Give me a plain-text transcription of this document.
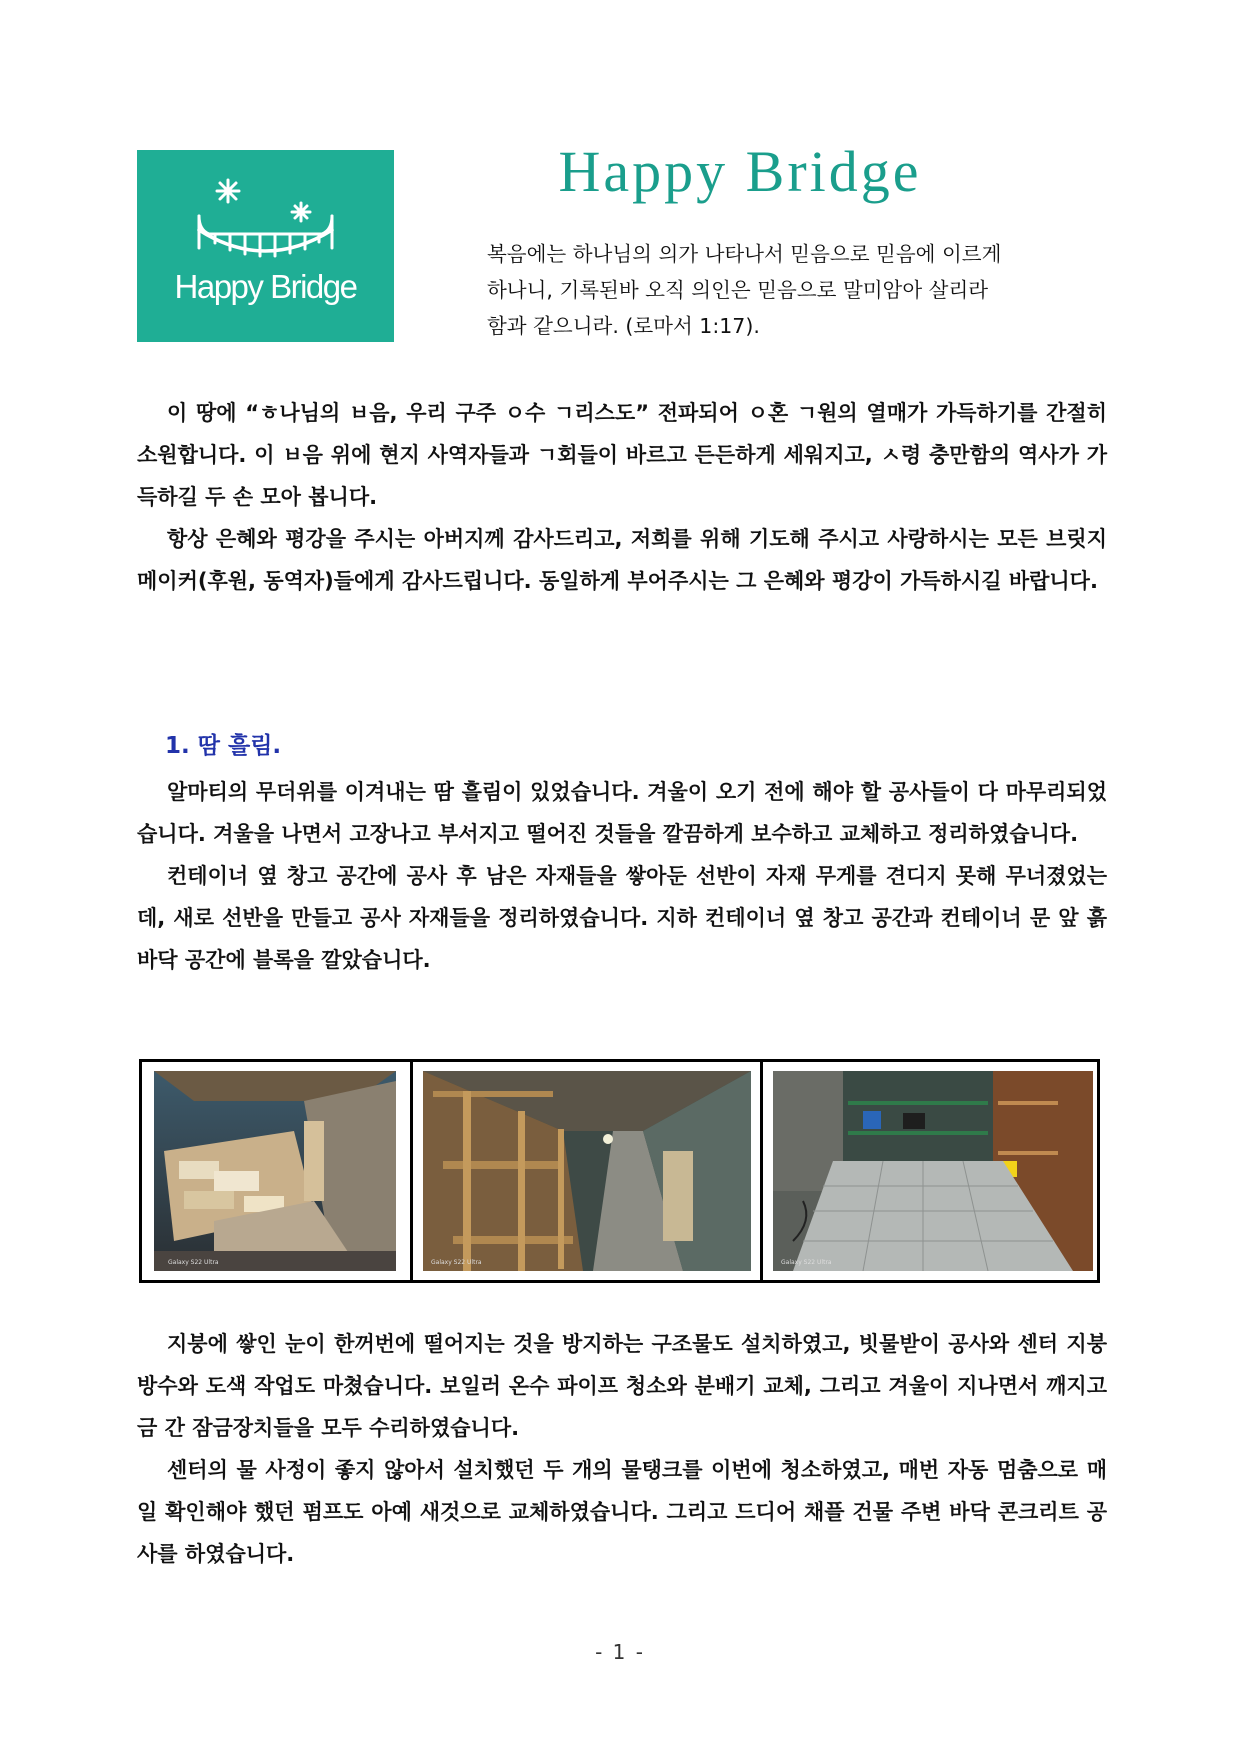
Happy Bridge
Happy Bridge

복음에는 하나님의 의가 나타나서 믿음으로 믿음에 이르게

하나니, 기록된바 오직 의인은 믿음으로 말미암아 살리라

함과 같으니라. (로마서 1:17).

이 땅에 “ㅎ나님의 ㅂ음, 우리 구주 ㅇ수 ㄱ리스도” 전파되어 ㅇ혼 ㄱ원의 열매가 가득하기를 간절히 소원합니다. 이 ㅂ음 위에 현지 사역자들과 ㄱ회들이 바르고 든든하게 세워지고, ㅅ령 충만함의 역사가 가득하길 두 손 모아 봅니다.

항상 은혜와 평강을 주시는 아버지께 감사드리고, 저희를 위해 기도해 주시고 사랑하시는 모든 브릿지 메이커(후원, 동역자)들에게 감사드립니다. 동일하게 부어주시는 그 은혜와 평강이 가득하시길 바랍니다.

1. 땀 흘림.

알마티의 무더위를 이겨내는 땀 흘림이 있었습니다. 겨울이 오기 전에 해야 할 공사들이 다 마무리되었습니다. 겨울을 나면서 고장나고 부서지고 떨어진 것들을 깔끔하게 보수하고 교체하고 정리하였습니다.

컨테이너 옆 창고 공간에 공사 후 남은 자재들을 쌓아둔 선반이 자재 무게를 견디지 못해 무너졌었는데, 새로 선반을 만들고 공사 자재들을 정리하였습니다. 지하 컨테이너 옆 창고 공간과 컨테이너 문 앞 흙바닥 공간에 블록을 깔았습니다.

Galaxy S22 Ultra	Galaxy S22 Ultra	Galaxy S22 Ultra

지붕에 쌓인 눈이 한꺼번에 떨어지는 것을 방지하는 구조물도 설치하였고, 빗물받이 공사와 센터 지붕 방수와 도색 작업도 마쳤습니다. 보일러 온수 파이프 청소와 분배기 교체, 그리고 겨울이 지나면서 깨지고 금 간 잠금장치들을 모두 수리하였습니다.

센터의 물 사정이 좋지 않아서 설치했던 두 개의 물탱크를 이번에 청소하였고, 매번 자동 멈춤으로 매일 확인해야 했던 펌프도 아예 새것으로 교체하였습니다. 그리고 드디어 채플 건물 주변 바닥 콘크리트 공사를 하였습니다.

- 1 -
